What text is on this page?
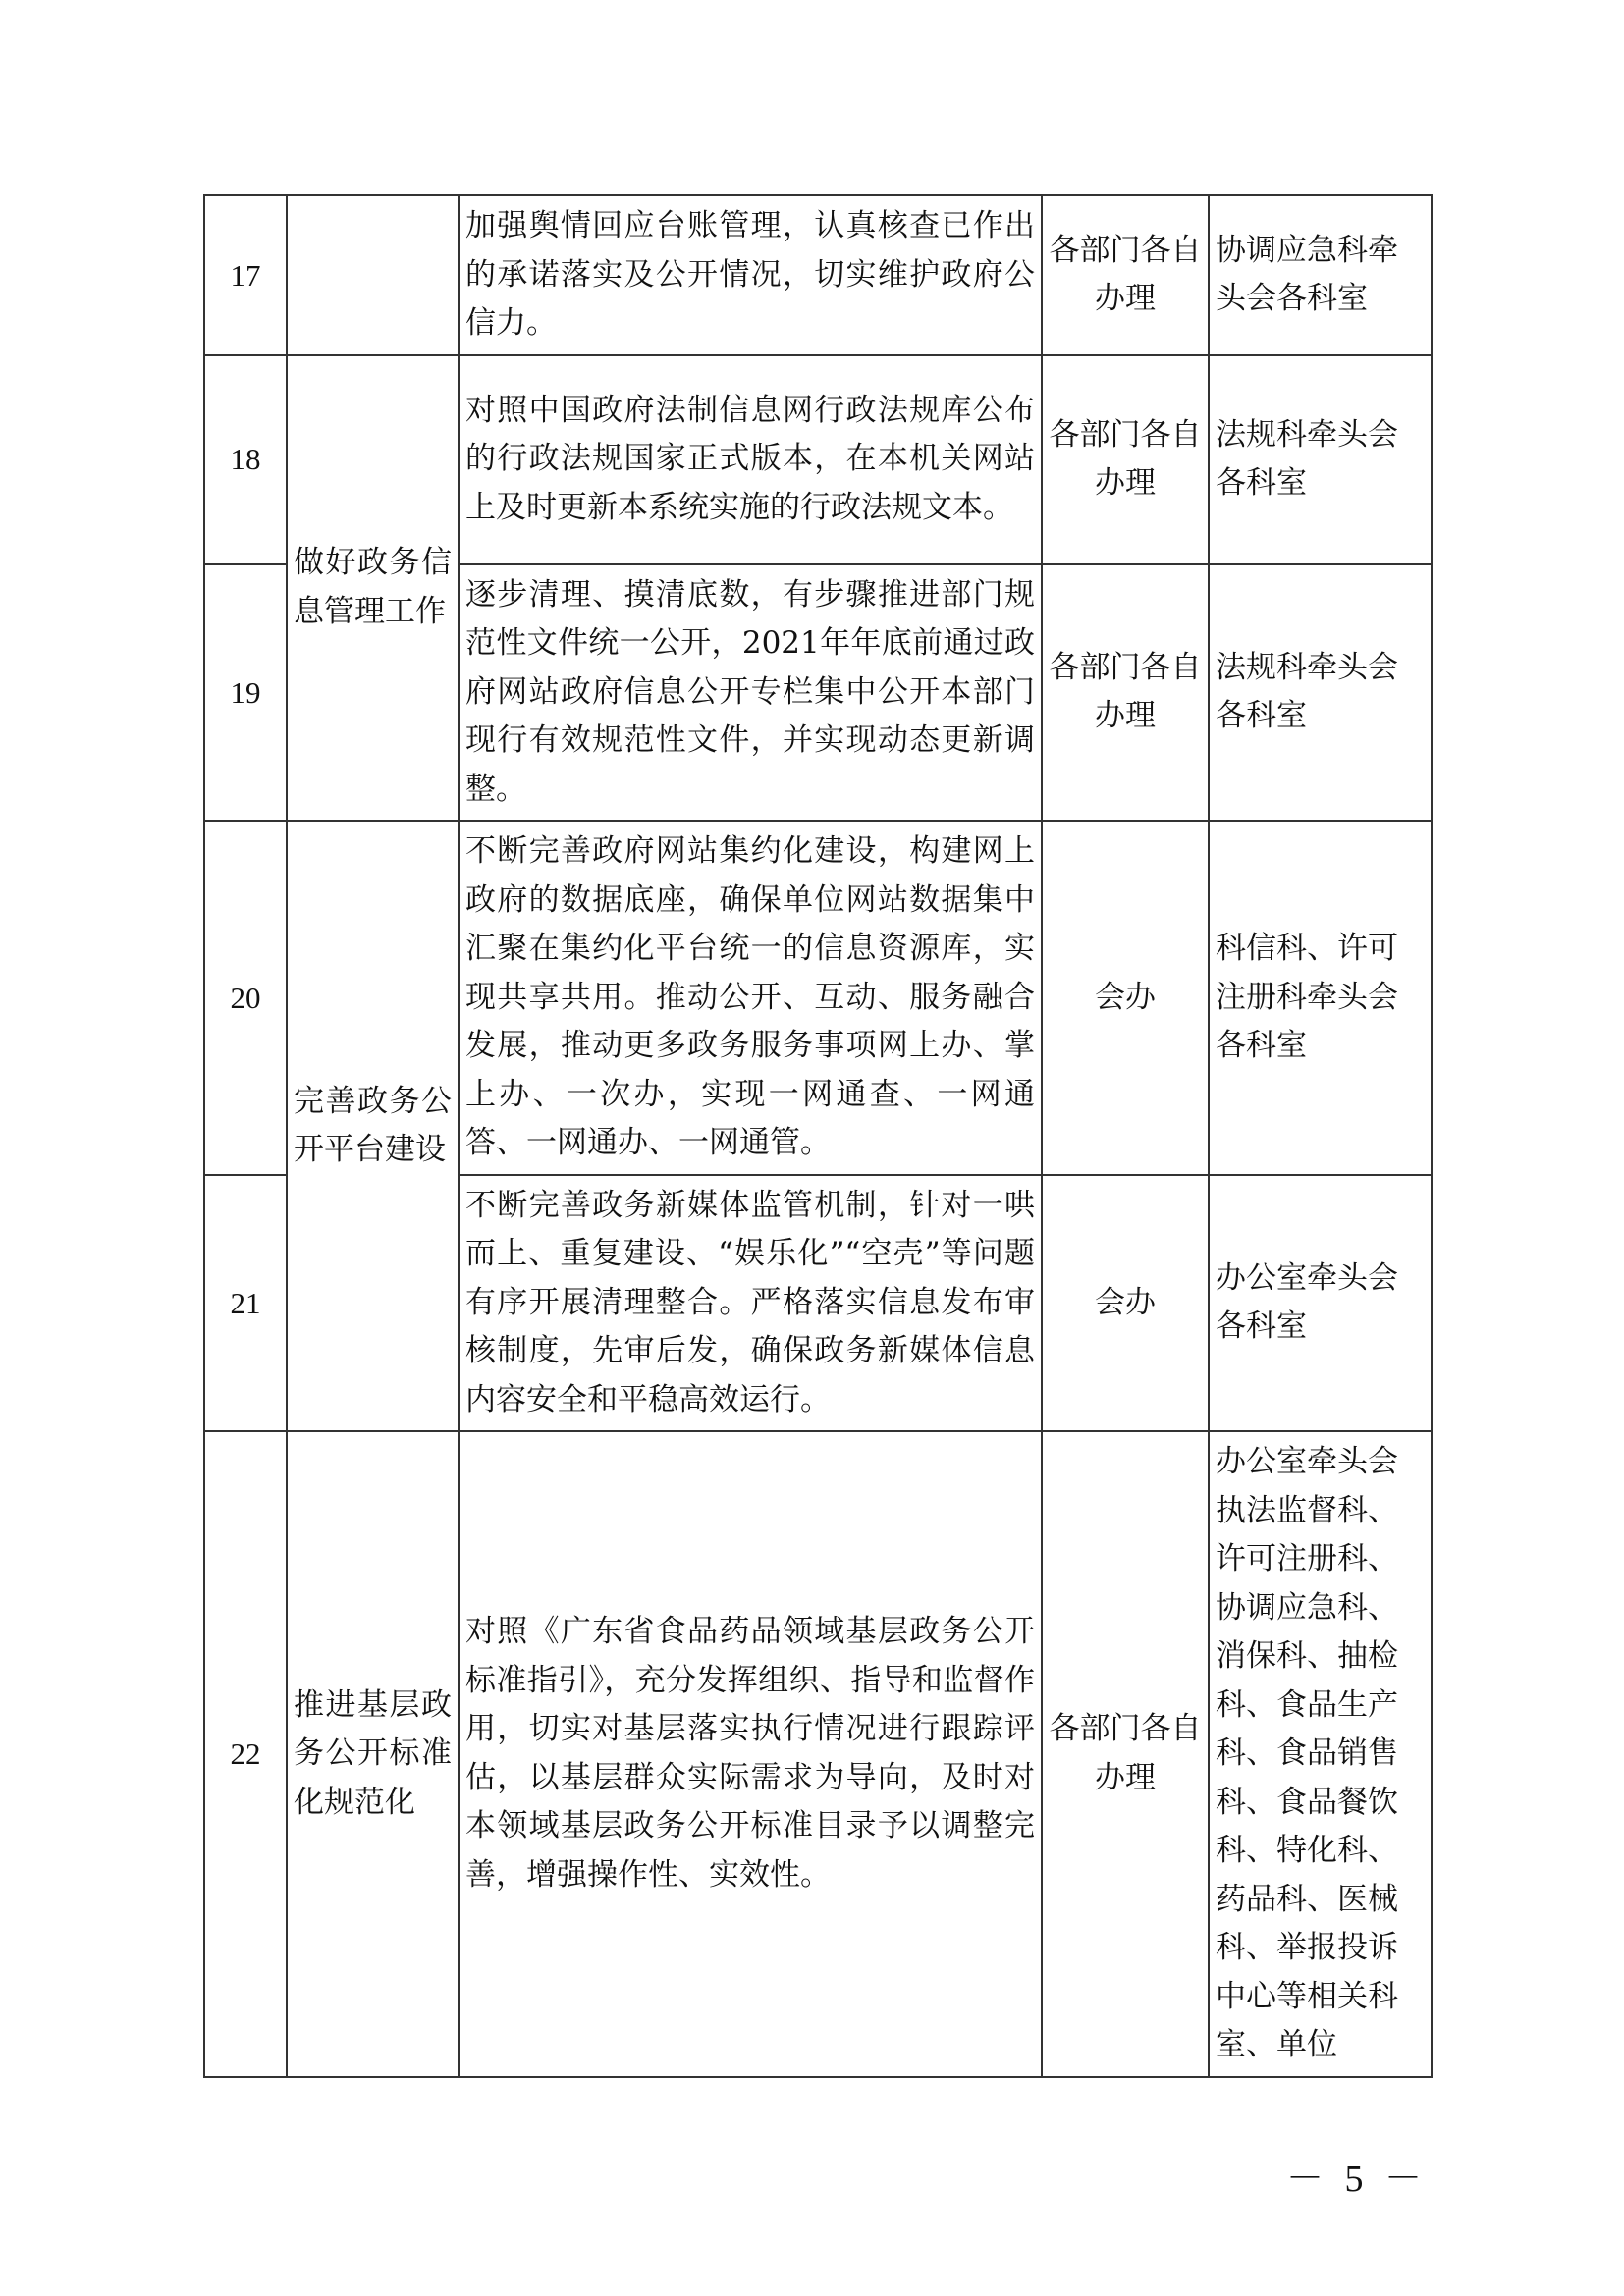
17		加强舆情回应台账管理，认真核查已作出的承诺落实及公开情况，切实维护政府公信力。	各部门各自办理	协调应急科牵头会各科室
18	做好政务信息管理工作	对照中国政府法制信息网行政法规库公布的行政法规国家正式版本，在本机关网站上及时更新本系统实施的行政法规文本。	各部门各自办理	法规科牵头会各科室
19		逐步清理、摸清底数，有步骤推进部门规范性文件统一公开，2021年年底前通过政府网站政府信息公开专栏集中公开本部门现行有效规范性文件，并实现动态更新调整。	各部门各自办理	法规科牵头会各科室
20	完善政务公开平台建设	不断完善政府网站集约化建设，构建网上政府的数据底座，确保单位网站数据集中汇聚在集约化平台统一的信息资源库，实现共享共用。推动公开、互动、服务融合发展，推动更多政务服务事项网上办、掌上办、一次办，实现一网通查、一网通答、一网通办、一网通管。	会办	科信科、许可注册科牵头会各科室
21		不断完善政务新媒体监管机制，针对一哄而上、重复建设、“娱乐化”“空壳”等问题有序开展清理整合。严格落实信息发布审核制度，先审后发，确保政务新媒体信息内容安全和平稳高效运行。	会办	办公室牵头会各科室
22	推进基层政务公开标准化规范化	对照《广东省食品药品领域基层政务公开标准指引》，充分发挥组织、指导和监督作用，切实对基层落实执行情况进行跟踪评估，以基层群众实际需求为导向，及时对本领域基层政务公开标准目录予以调整完善，增强操作性、实效性。	各部门各自办理	办公室牵头会执法监督科、许可注册科、协调应急科、消保科、抽检科、食品生产科、食品销售科、食品餐饮科、特化科、药品科、医械科、举报投诉中心等相关科室、单位
－ 5 －
